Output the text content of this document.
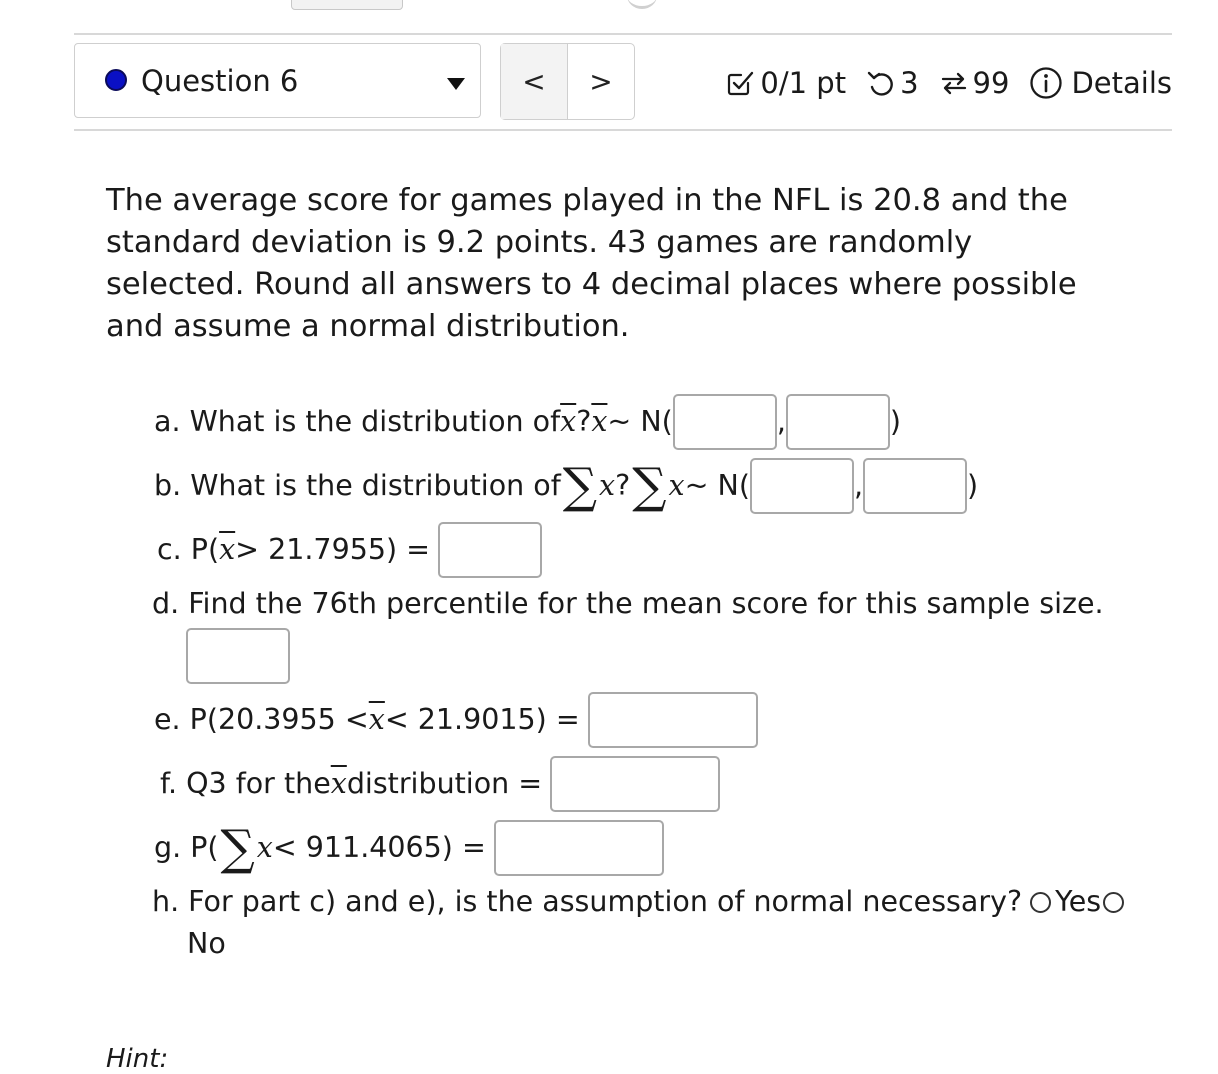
Question 6	<	>	0/1 pt 3 99 Details

The average score for games played in the NFL is 20.8 and the standard deviation is 9.2 points. 43 games are randomly selected. Round all answers to 4 decimal places where possible and assume a normal distribution.

a. What is the distribution of $\overline{x}$ ? $\overline{x}$ ~ N(	,	)
b. What is the distribution of ∑ x ? ∑ x ~ N(	,	)
c. P( $\overline{x} > 21.7955$) =
d. Find the 76th percentile for the mean score for this sample size.
e. $P(20.3955 < \overline{x} < 21.9015)$ =
f. Q3 for the $\overline{x}$ distribution =
g. P( ∑ x < 911.4065) =
h. For part c) and e), is the assumption of normal necessary? Yes
No
Hint:
